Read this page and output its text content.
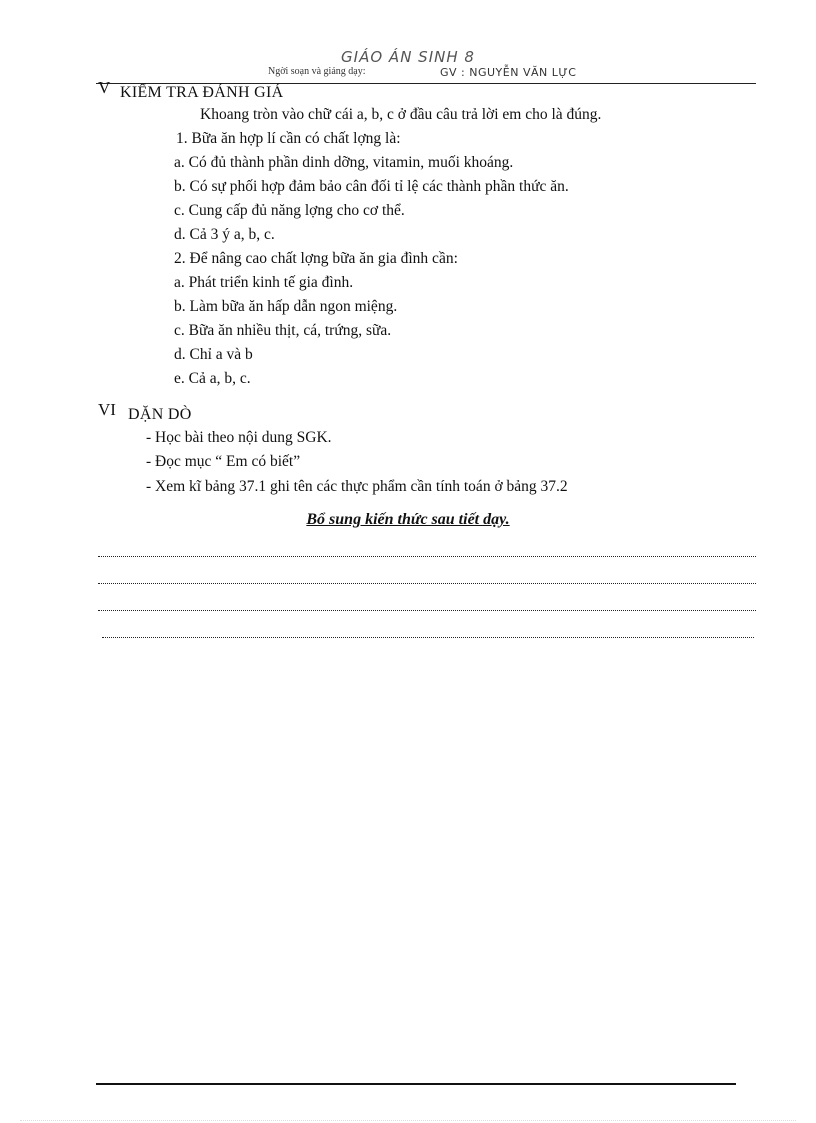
GIÁO ÁN SINH 8
Ngời soạn và giảng dạy:	GV : NGUYỄN VĂN LỰC
V KIỂM TRA ĐÁNH GIÁ
Khoang tròn vào chữ cái a, b, c ở đầu câu trả lời em cho là đúng.
1. Bữa ăn hợp lí cần có chất lợng là:
a. Có đủ thành phần dinh dỡng, vitamin, muối khoáng.
b. Có sự phối hợp đảm bảo cân đối tỉ lệ các thành phần thức ăn.
c. Cung cấp đủ năng lợng cho cơ thể.
d. Cả 3 ý a, b, c.
2. Để nâng cao chất lợng bữa ăn gia đình cần:
a. Phát triển kinh tế gia đình.
b. Làm bữa ăn hấp dẫn ngon miệng.
c. Bữa ăn nhiều thịt, cá, trứng, sữa.
d. Chỉ a và b
e. Cả a, b, c.
VI DẶN DÒ
- Học bài theo nội dung SGK.
- Đọc mục “ Em có biết”
- Xem kĩ bảng 37.1 ghi tên các thực phẩm cần tính toán ở bảng 37.2
Bổ sung kiến thức sau tiết dạy.
